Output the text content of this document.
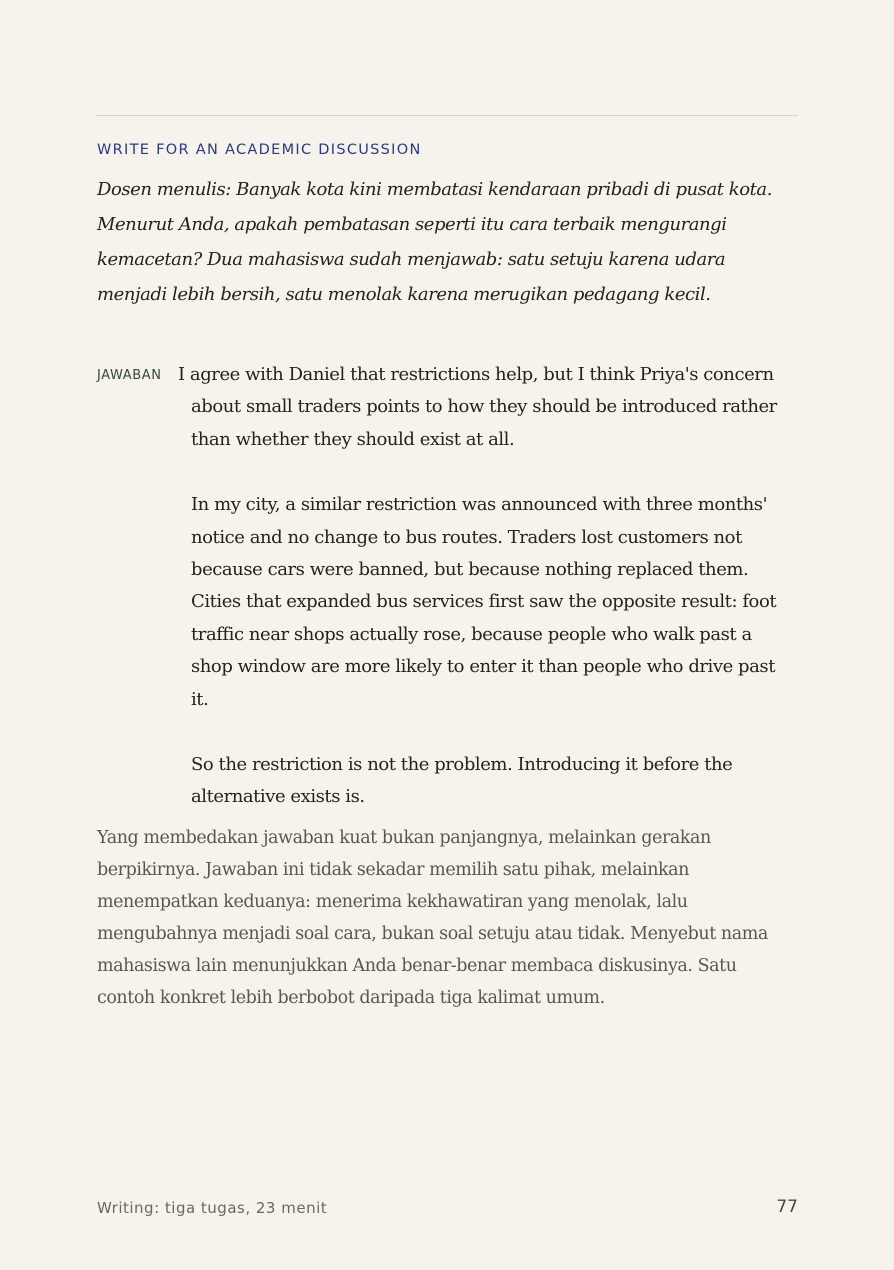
WRITE FOR AN ACADEMIC DISCUSSION

Dosen menulis: Banyak kota kini membatasi kendaraan pribadi di pusat kota. Menurut Anda, apakah pembatasan seperti itu cara terbaik mengurangi kemacetan? Dua mahasiswa sudah menjawab: satu setuju karena udara menjadi lebih bersih, satu menolak karena merugikan pedagang kecil.

JAWABAN I agree with Daniel that restrictions help, but I think Priya's concern about small traders points to how they should be introduced rather than whether they should exist at all.

In my city, a similar restriction was announced with three months' notice and no change to bus routes. Traders lost customers not because cars were banned, but because nothing replaced them. Cities that expanded bus services first saw the opposite result: foot traffic near shops actually rose, because people who walk past a shop window are more likely to enter it than people who drive past it.

So the restriction is not the problem. Introducing it before the alternative exists is.

Yang membedakan jawaban kuat bukan panjangnya, melainkan gerakan berpikirnya. Jawaban ini tidak sekadar memilih satu pihak, melainkan menempatkan keduanya: menerima kekhawatiran yang menolak, lalu mengubahnya menjadi soal cara, bukan soal setuju atau tidak. Menyebut nama mahasiswa lain menunjukkan Anda benar-benar membaca diskusinya. Satu contoh konkret lebih berbobot daripada tiga kalimat umum.

Writing: tiga tugas, 23 menit	77
